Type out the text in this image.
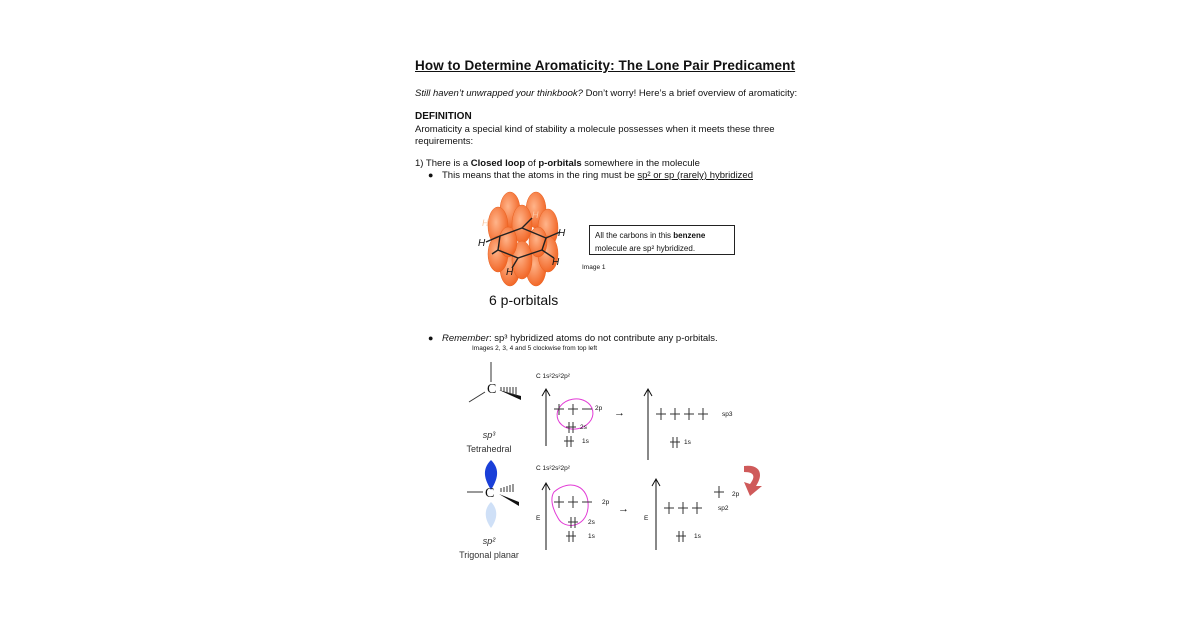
How to Determine Aromaticity: The Lone Pair Predicament
Still haven’t unwrapped your thinkbook? Don’t worry! Here’s a brief overview of aromaticity:
DEFINITION
Aromaticity a special kind of stability a molecule possesses when it meets these three requirements:
1) There is a Closed loop of p-orbitals somewhere in the molecule
● This means that the atoms in the ring must be sp² or sp (rarely) hybridized
H
H
H
H
H
H
6 p-orbitals
All the carbons in this benzene
molecule are sp² hybridized.
Image 1
● Remember: sp³ hybridized atoms do not contribute any p-orbitals.
Images 2, 3, 4 and 5 clockwise from top left
C
sp³
Tetrahedral
C
sp²
Trigonal planar
C 1s²2s²2p²
2p
2s
1s
→	sp3
1s
C 1s²2s²2p²
E
2p
2s
1s
→
E
2p
sp2
1s
